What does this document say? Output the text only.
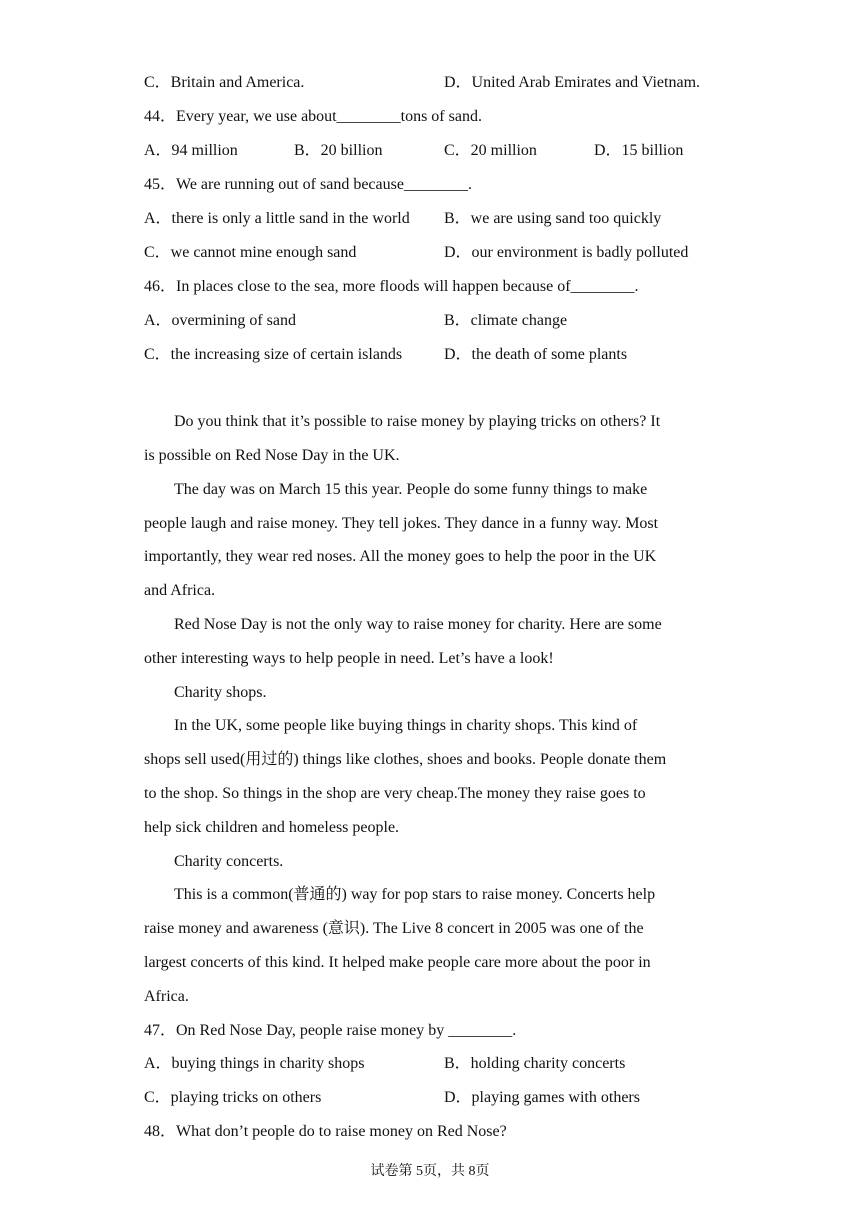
C．Britain and America.	D．United Arab Emirates and Vietnam.
44．Every year, we use about________tons of sand.
A．94 million	B．20 billion	C．20 million	D．15 billion
45．We are running out of sand because________.
A．there is only a little sand in the world B．we are using sand too quickly
C．we cannot mine enough sand	D．our environment is badly polluted
46．In places close to the sea, more floods will happen because of________.
A．overmining of sand	B．climate change
C．the increasing size of certain islands	D．the death of some plants
Do you think that it’s possible to raise money by playing tricks on others? It
is possible on Red Nose Day in the UK.
The day was on March 15 this year. People do some funny things to make
people laugh and raise money. They tell jokes. They dance in a funny way. Most
importantly, they wear red noses. All the money goes to help the poor in the UK
and Africa.
Red Nose Day is not the only way to raise money for charity. Here are some
other interesting ways to help people in need. Let’s have a look!
Charity shops.
In the UK, some people like buying things in charity shops. This kind of
shops sell used(用过的) things like clothes, shoes and books. People donate them
to the shop. So things in the shop are very cheap.The money they raise goes to
help sick children and homeless people.
Charity concerts.
This is a common(普通的) way for pop stars to raise money. Concerts help
raise money and awareness (意识). The Live 8 concert in 2005 was one of the
largest concerts of this kind. It helped make people care more about the poor in
Africa.
47．On Red Nose Day, people raise money by ________.
A．buying things in charity shops	B．holding charity concerts
C．playing tricks on others	D．playing games with others
48．What don’t people do to raise money on Red Nose?
试卷第 5页，共 8页
